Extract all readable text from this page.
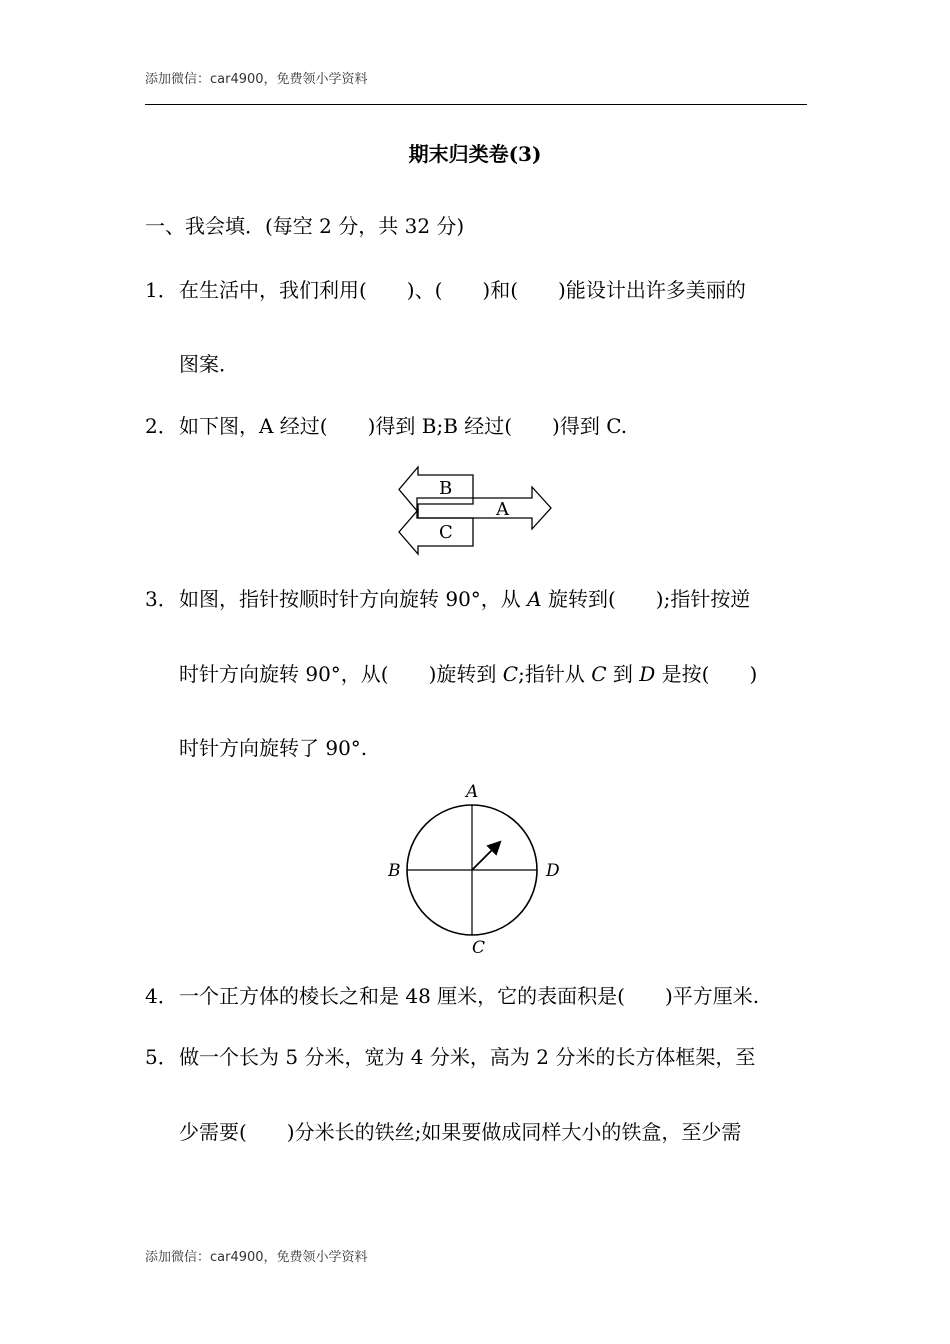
添加微信：car4900，免费领小学资料
期末归类卷(3)
一、我会填．(每空 2 分，共 32 分)
1．在生活中，我们利用(　　)、(　　)和(　　)能设计出许多美丽的
图案．
2．如下图，A 经过(　　)得到 B;B 经过(　　)得到 C.
B
C
A
3．如图，指针按顺时针方向旋转 90°，从 A 旋转到(　　);指针按逆
时针方向旋转 90°，从(　　)旋转到 C;指针从 C 到 D 是按(　　)
时针方向旋转了 90°.
A
B	D
C
4．一个正方体的棱长之和是 48 厘米，它的表面积是(　　)平方厘米.
5．做一个长为 5 分米，宽为 4 分米，高为 2 分米的长方体框架，至
少需要(　　)分米长的铁丝;如果要做成同样大小的铁盒，至少需
添加微信：car4900，免费领小学资料
